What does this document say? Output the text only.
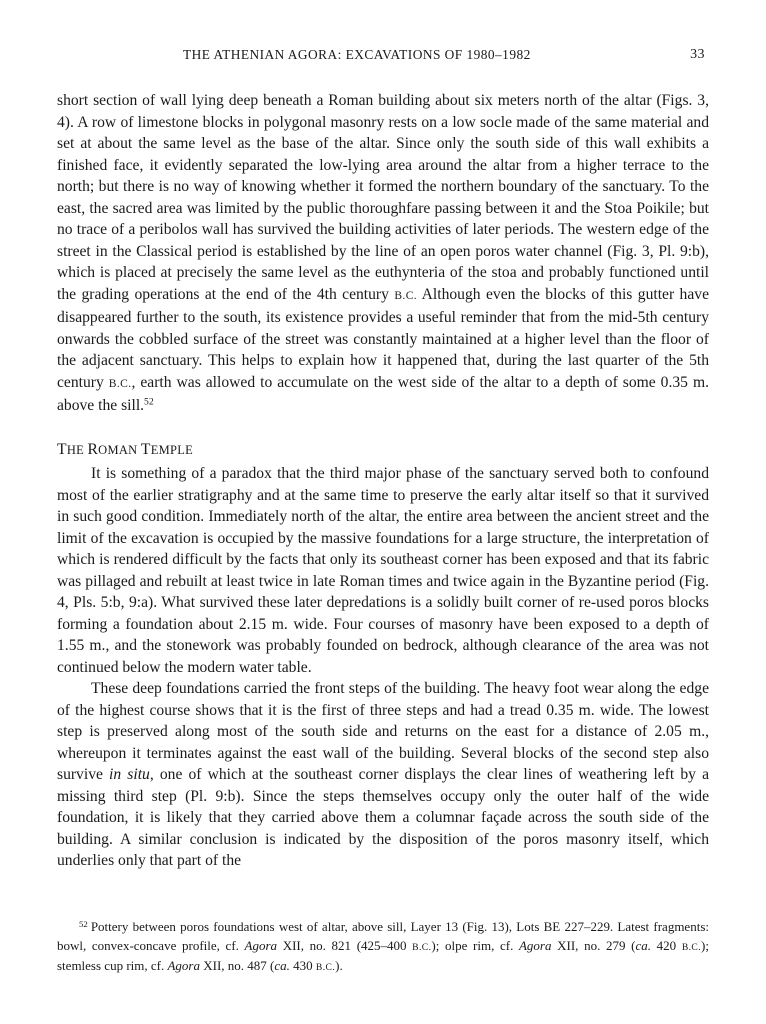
THE ATHENIAN AGORA: EXCAVATIONS OF 1980–1982	33

short section of wall lying deep beneath a Roman building about six meters north of the altar (Figs. 3, 4). A row of limestone blocks in polygonal masonry rests on a low socle made of the same material and set at about the same level as the base of the altar. Since only the south side of this wall exhibits a finished face, it evidently separated the low-lying area around the altar from a higher terrace to the north; but there is no way of knowing whether it formed the northern boundary of the sanctuary. To the east, the sacred area was limited by the public thoroughfare passing between it and the Stoa Poikile; but no trace of a peribolos wall has survived the building activities of later periods. The western edge of the street in the Classical period is established by the line of an open poros water channel (Fig. 3, Pl. 9:b), which is placed at precisely the same level as the euthynteria of the stoa and probably functioned until the grading operations at the end of the 4th century B.C. Although even the blocks of this gutter have disappeared further to the south, its existence provides a useful reminder that from the mid-5th century onwards the cobbled surface of the street was constantly maintained at a higher level than the floor of the adjacent sanctuary. This helps to explain how it happened that, during the last quarter of the 5th century B.C., earth was allowed to accumulate on the west side of the altar to a depth of some 0.35 m. above the sill.$^{52}$

THE ROMAN TEMPLE

It is something of a paradox that the third major phase of the sanctuary served both to confound most of the earlier stratigraphy and at the same time to preserve the early altar itself so that it survived in such good condition. Immediately north of the altar, the entire area between the ancient street and the limit of the excavation is occupied by the massive foundations for a large structure, the interpretation of which is rendered difficult by the facts that only its southeast corner has been exposed and that its fabric was pillaged and rebuilt at least twice in late Roman times and twice again in the Byzantine period (Fig. 4, Pls. 5:b, 9:a). What survived these later depredations is a solidly built corner of re-used poros blocks forming a foundation about 2.15 m. wide. Four courses of masonry have been exposed to a depth of 1.55 m., and the stonework was probably founded on bedrock, although clearance of the area was not continued below the modern water table.

These deep foundations carried the front steps of the building. The heavy foot wear along the edge of the highest course shows that it is the first of three steps and had a tread 0.35 m. wide. The lowest step is preserved along most of the south side and returns on the east for a distance of 2.05 m., whereupon it terminates against the east wall of the building. Several blocks of the second step also survive in situ, one of which at the southeast corner displays the clear lines of weathering left by a missing third step (Pl. 9:b). Since the steps themselves occupy only the outer half of the wide foundation, it is likely that they carried above them a columnar façade across the south side of the building. A similar conclusion is indicated by the disposition of the poros masonry itself, which underlies only that part of the

$^{52}$ Pottery between poros foundations west of altar, above sill, Layer 13 (Fig. 13), Lots BE 227–229. Latest fragments: bowl, convex-concave profile, cf. Agora XII, no. 821 (425–400 B.C.); olpe rim, cf. Agora XII, no. 279 (ca. 420 B.C.); stemless cup rim, cf. Agora XII, no. 487 (ca. 430 B.C.).
